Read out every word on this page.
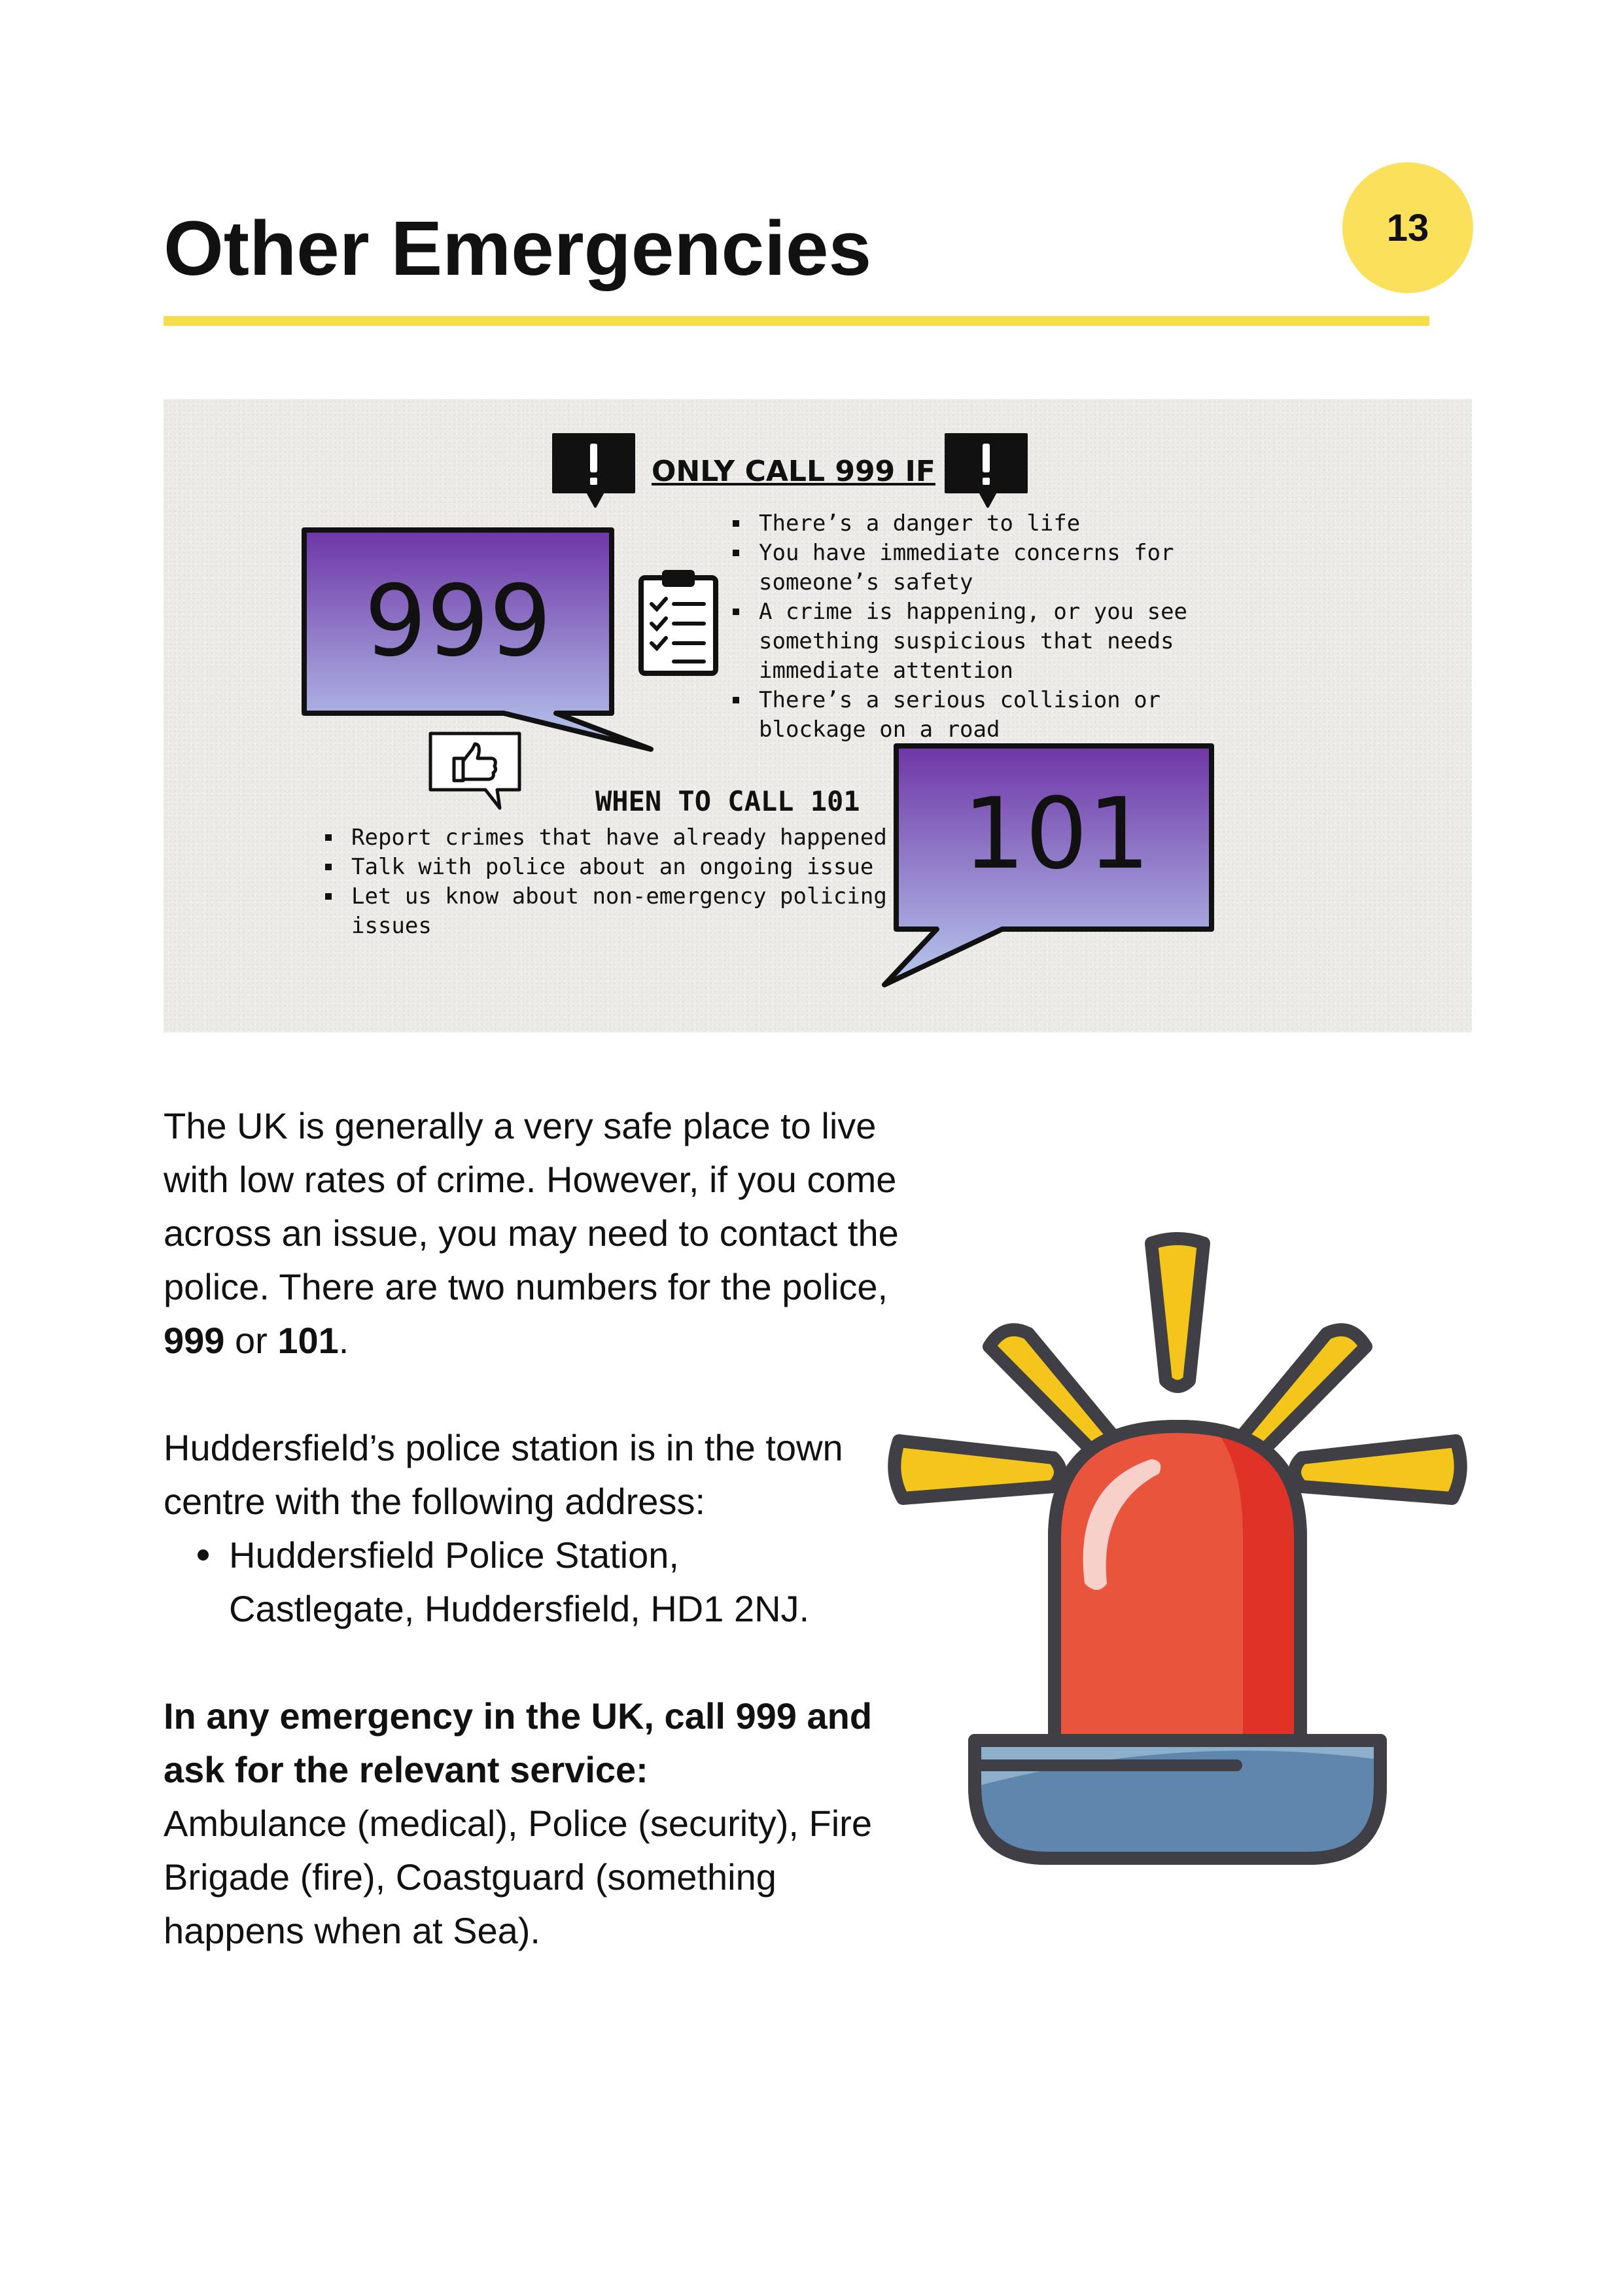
Other Emergencies	13
ONLY CALL 999 IF
999
There’s a danger to life
You have immediate concerns for
someone’s safety
A crime is happening, or you see
something suspicious that needs
immediate attention
There’s a serious collision or
blockage on a road
WHEN TO CALL 101
Report crimes that have already happened
Talk with police about an ongoing issue
Let us know about non-emergency policing
issues
101

The UK is generally a very safe place to live with low rates of crime. However, if you come across an issue, you may need to contact the police. There are two numbers for the police, 999 or 101.

Huddersfield’s police station is in the town centre with the following address:

Huddersfield Police Station,
Castlegate, Huddersfield, HD1 2NJ.

In any emergency in the UK, call 999 and ask for the relevant service:

Ambulance (medical), Police (security), Fire Brigade (fire), Coastguard (something happens when at Sea).
